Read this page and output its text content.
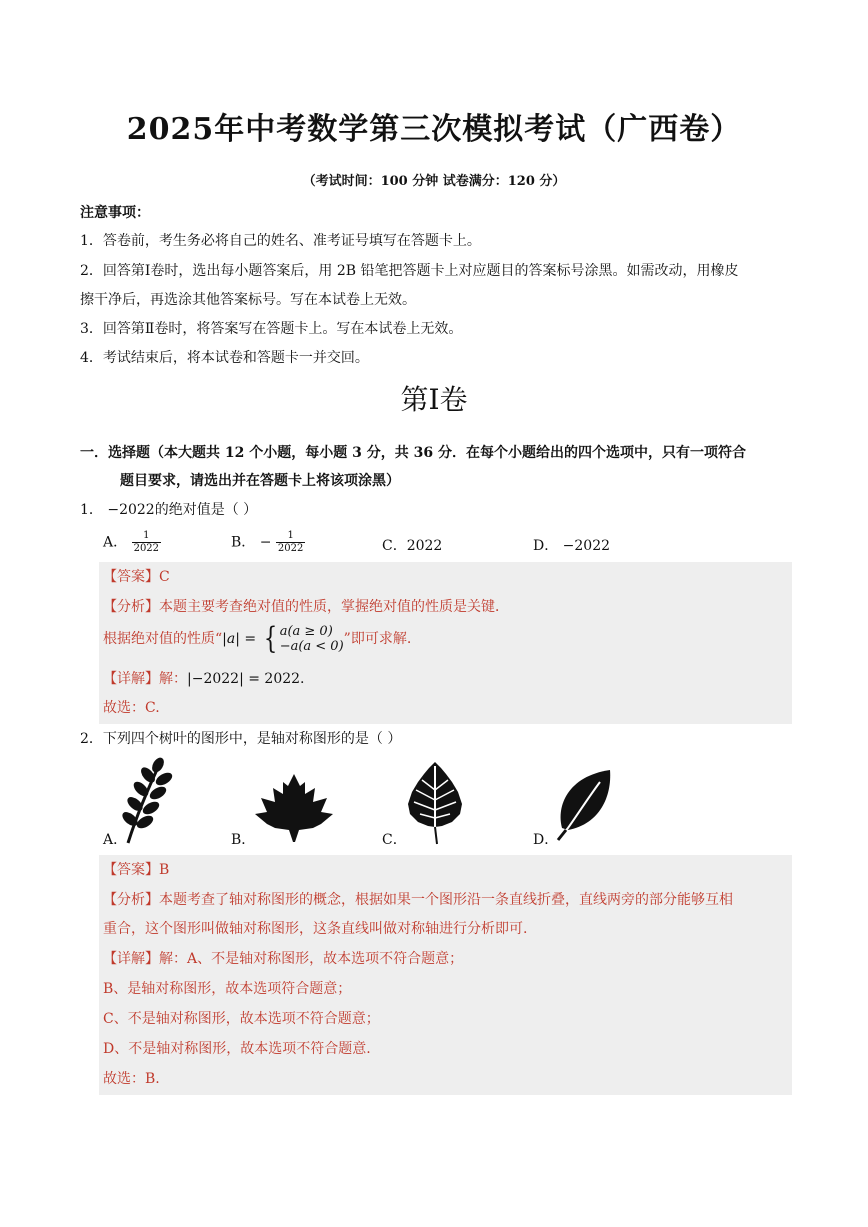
2025年中考数学第三次模拟考试（广西卷）
（考试时间：100 分钟 试卷满分：120 分）
注意事项：
1．答卷前，考生务必将自己的姓名、准考证号填写在答题卡上。
2．回答第Ⅰ卷时，选出每小题答案后，用 2B 铅笔把答题卡上对应题目的答案标号涂黑。如需改动，用橡皮
擦干净后，再选涂其他答案标号。写在本试卷上无效。
3．回答第Ⅱ卷时，将答案写在答题卡上。写在本试卷上无效。
4．考试结束后，将本试卷和答题卡一并交回。
第Ⅰ卷
一．选择题（本大题共 12 个小题，每小题 3 分，共 36 分．在每个小题给出的四个选项中，只有一项符合
题目要求，请选出并在答题卡上将该项涂黑）
1． −2022的绝对值是（ ）
A． $\frac{1}{2022}$	B． − $\frac{1}{2022}$	C．2022	D． −2022
【答案】C
【分析】本题主要考查绝对值的性质，掌握绝对值的性质是关键．
根据绝对值的性质“|a| = { a(a ≥ 0)
−a(a < 0) ”即可求解.
【详解】解：|−2022| = 2022.
故选：C.
2．下列四个树叶的图形中，是轴对称图形的是（ ）
A．	B．	C．	D．
【答案】B
【分析】本题考查了轴对称图形的概念，根据如果一个图形沿一条直线折叠，直线两旁的部分能够互相
重合，这个图形叫做轴对称图形，这条直线叫做对称轴进行分析即可.
【详解】解：A、不是轴对称图形，故本选项不符合题意；
B、是轴对称图形，故本选项符合题意；
C、不是轴对称图形，故本选项不符合题意；
D、不是轴对称图形，故本选项不符合题意.
故选：B.
